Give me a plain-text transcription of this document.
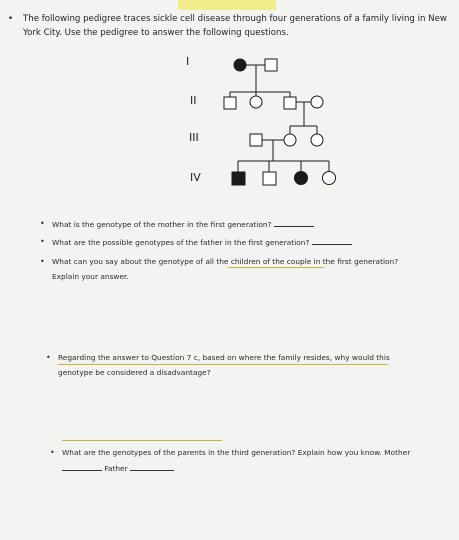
•	The following pedigree traces sickle cell disease through four generations of a family living in New York City. Use the pedigree to answer the following questions.
I
II
III
IV
• What is the genotype of the mother in the first generation?
• What are the possible genotypes of the father in the first generation?
• What can you say about the genotype of all the children of the couple in the first generation?
Explain your answer.
• Regarding the answer to Question 7 c, based on where the family resides, why would this
genotype be considered a disadvantage?
• What are the genotypes of the parents in the third generation? Explain how you know. Mother
Father
